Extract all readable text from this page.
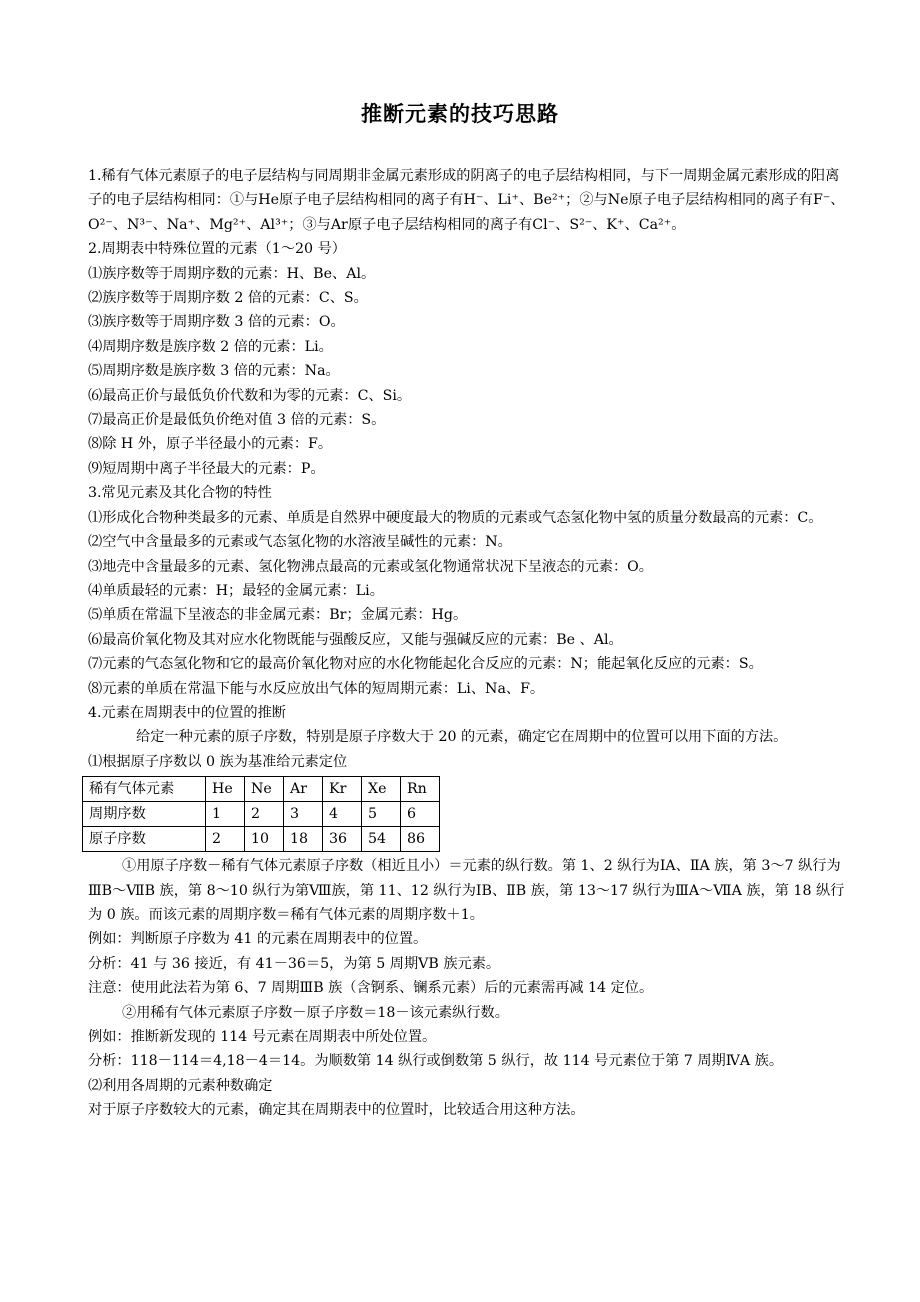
推断元素的技巧思路

1.稀有气体元素原子的电子层结构与同周期非金属元素形成的阴离子的电子层结构相同，与下一周期金属元素形成的阳离子的电子层结构相同：①与He原子电子层结构相同的离子有H⁻、Li⁺、Be²⁺；②与Ne原子电子层结构相同的离子有F⁻、O²⁻、N³⁻、Na⁺、Mg²⁺、Al³⁺；③与Ar原子电子层结构相同的离子有Cl⁻、S²⁻、K⁺、Ca²⁺。

2.周期表中特殊位置的元素（1～20 号）

⑴族序数等于周期序数的元素：H、Be、Al。

⑵族序数等于周期序数 2 倍的元素：C、S。

⑶族序数等于周期序数 3 倍的元素：O。

⑷周期序数是族序数 2 倍的元素：Li。

⑸周期序数是族序数 3 倍的元素：Na。

⑹最高正价与最低负价代数和为零的元素：C、Si。

⑺最高正价是最低负价绝对值 3 倍的元素：S。

⑻除 H 外，原子半径最小的元素：F。

⑼短周期中离子半径最大的元素：P。

3.常见元素及其化合物的特性

⑴形成化合物种类最多的元素、单质是自然界中硬度最大的物质的元素或气态氢化物中氢的质量分数最高的元素：C。

⑵空气中含量最多的元素或气态氢化物的水溶液呈碱性的元素：N。

⑶地壳中含量最多的元素、氢化物沸点最高的元素或氢化物通常状况下呈液态的元素：O。

⑷单质最轻的元素：H；最轻的金属元素：Li。

⑸单质在常温下呈液态的非金属元素：Br；金属元素：Hg。

⑹最高价氧化物及其对应水化物既能与强酸反应，又能与强碱反应的元素：Be 、Al。

⑺元素的气态氢化物和它的最高价氧化物对应的水化物能起化合反应的元素：N；能起氧化反应的元素：S。

⑻元素的单质在常温下能与水反应放出气体的短周期元素：Li、Na、F。

4.元素在周期表中的位置的推断

给定一种元素的原子序数，特别是原子序数大于 20 的元素，确定它在周期中的位置可以用下面的方法。

⑴根据原子序数以 0 族为基准给元素定位

稀有气体元素	He	Ne	Ar	Kr	Xe	Rn
周期序数	1	2	3	4	5	6
原子序数	2	10	18	36	54	86

①用原子序数－稀有气体元素原子序数（相近且小）＝元素的纵行数。第 1、2 纵行为ⅠA、ⅡA 族，第 3～7 纵行为ⅢB～ⅦB 族，第 8～10 纵行为第Ⅷ族，第 11、12 纵行为ⅠB、ⅡB 族，第 13～17 纵行为ⅢA～ⅦA 族，第 18 纵行为 0 族。而该元素的周期序数＝稀有气体元素的周期序数＋1。

例如：判断原子序数为 41 的元素在周期表中的位置。

分析：41 与 36 接近，有 41－36＝5，为第 5 周期ⅤB 族元素。

注意：使用此法若为第 6、7 周期ⅢB 族（含锕系、镧系元素）后的元素需再减 14 定位。

②用稀有气体元素原子序数－原子序数＝18－该元素纵行数。

例如：推断新发现的 114 号元素在周期表中所处位置。

分析：118－114＝4,18－4＝14。为顺数第 14 纵行或倒数第 5 纵行，故 114 号元素位于第 7 周期ⅣA 族。

⑵利用各周期的元素种数确定

对于原子序数较大的元素，确定其在周期表中的位置时，比较适合用这种方法。
